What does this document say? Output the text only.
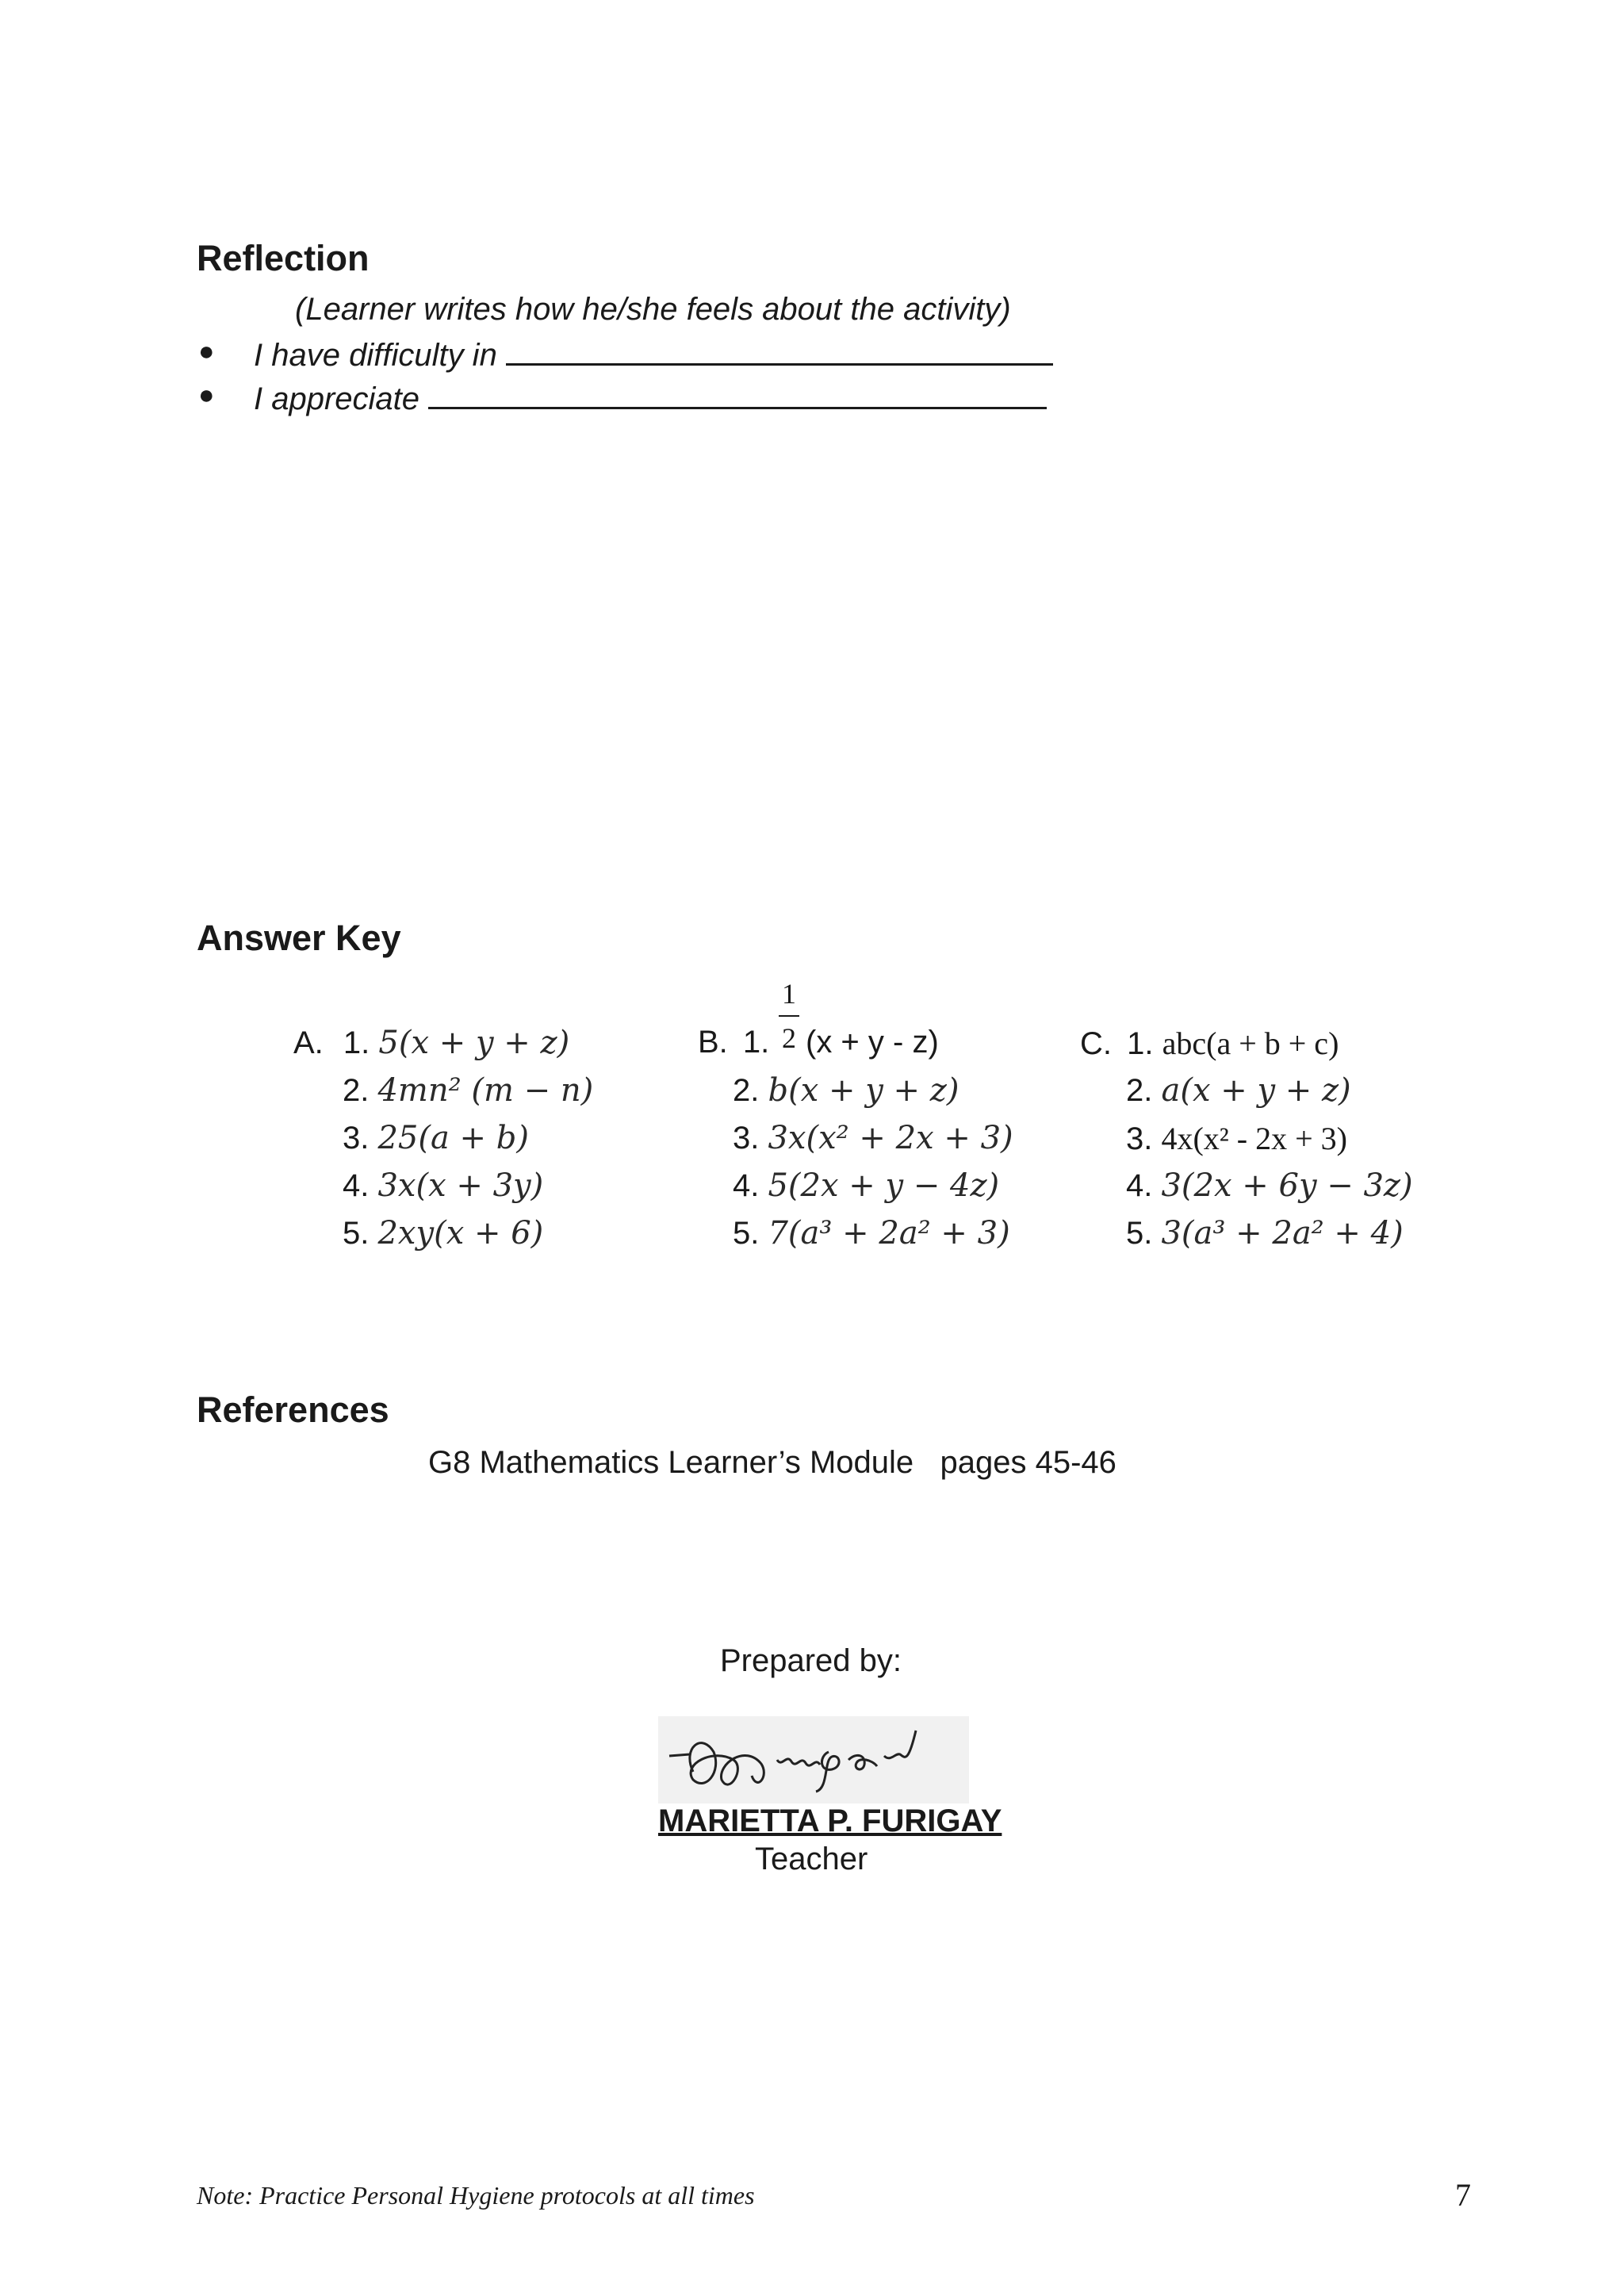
Reflection
(Learner writes how he/she feels about the activity)
● I have difficulty in
● I appreciate
Answer Key
A. 1. 5(x + y + z)
2. 4mn² (m − n)
3. 25(a + b)
4. 3x(x + 3y)
5. 2xy(x + 6)
1
2
B. 1. (x + y - z)
2. b(x + y + z)
3. 3x(x² + 2x + 3)
4. 5(2x + y − 4z)
5. 7(a³ + 2a² + 3)
C. 1. abc(a + b + c)
2. a(x + y + z)
3. 4x(x² - 2x + 3)
4. 3(2x + 6y − 3z)
5. 3(a³ + 2a² + 4)
References
G8 Mathematics Learner’s Module   pages 45-46
Prepared by:
MARIETTA P. FURIGAY
Teacher
Note: Practice Personal Hygiene protocols at all times	7
